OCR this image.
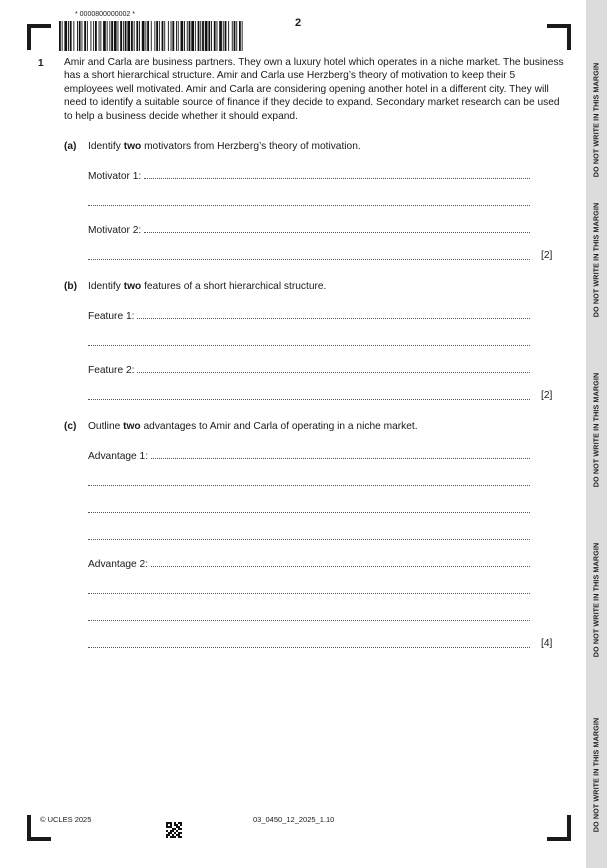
DO NOT WRITE IN THIS MARGIN
DO NOT WRITE IN THIS MARGIN
DO NOT WRITE IN THIS MARGIN
DO NOT WRITE IN THIS MARGIN
DO NOT WRITE IN THIS MARGIN
* 0000800000002 *
2
1 Amir and Carla are business partners. They own a luxury hotel which operates in a niche market. The business has a short hierarchical structure. Amir and Carla use Herzberg’s theory of motivation to keep their 5 employees well motivated. Amir and Carla are considering opening another hotel in a different city. They will need to identify a suitable source of finance if they decide to expand. Secondary market research can be used to help a business decide whether it should expand.
(a) Identify two motivators from Herzberg’s theory of motivation.
Motivator 1:
Motivator 2:
[2]
(b) Identify two features of a short hierarchical structure.
Feature 1:
Feature 2:
[2]
(c) Outline two advantages to Amir and Carla of operating in a niche market.
Advantage 1:
Advantage 2:
[4]
© UCLES 2025	03_0450_12_2025_1.10
